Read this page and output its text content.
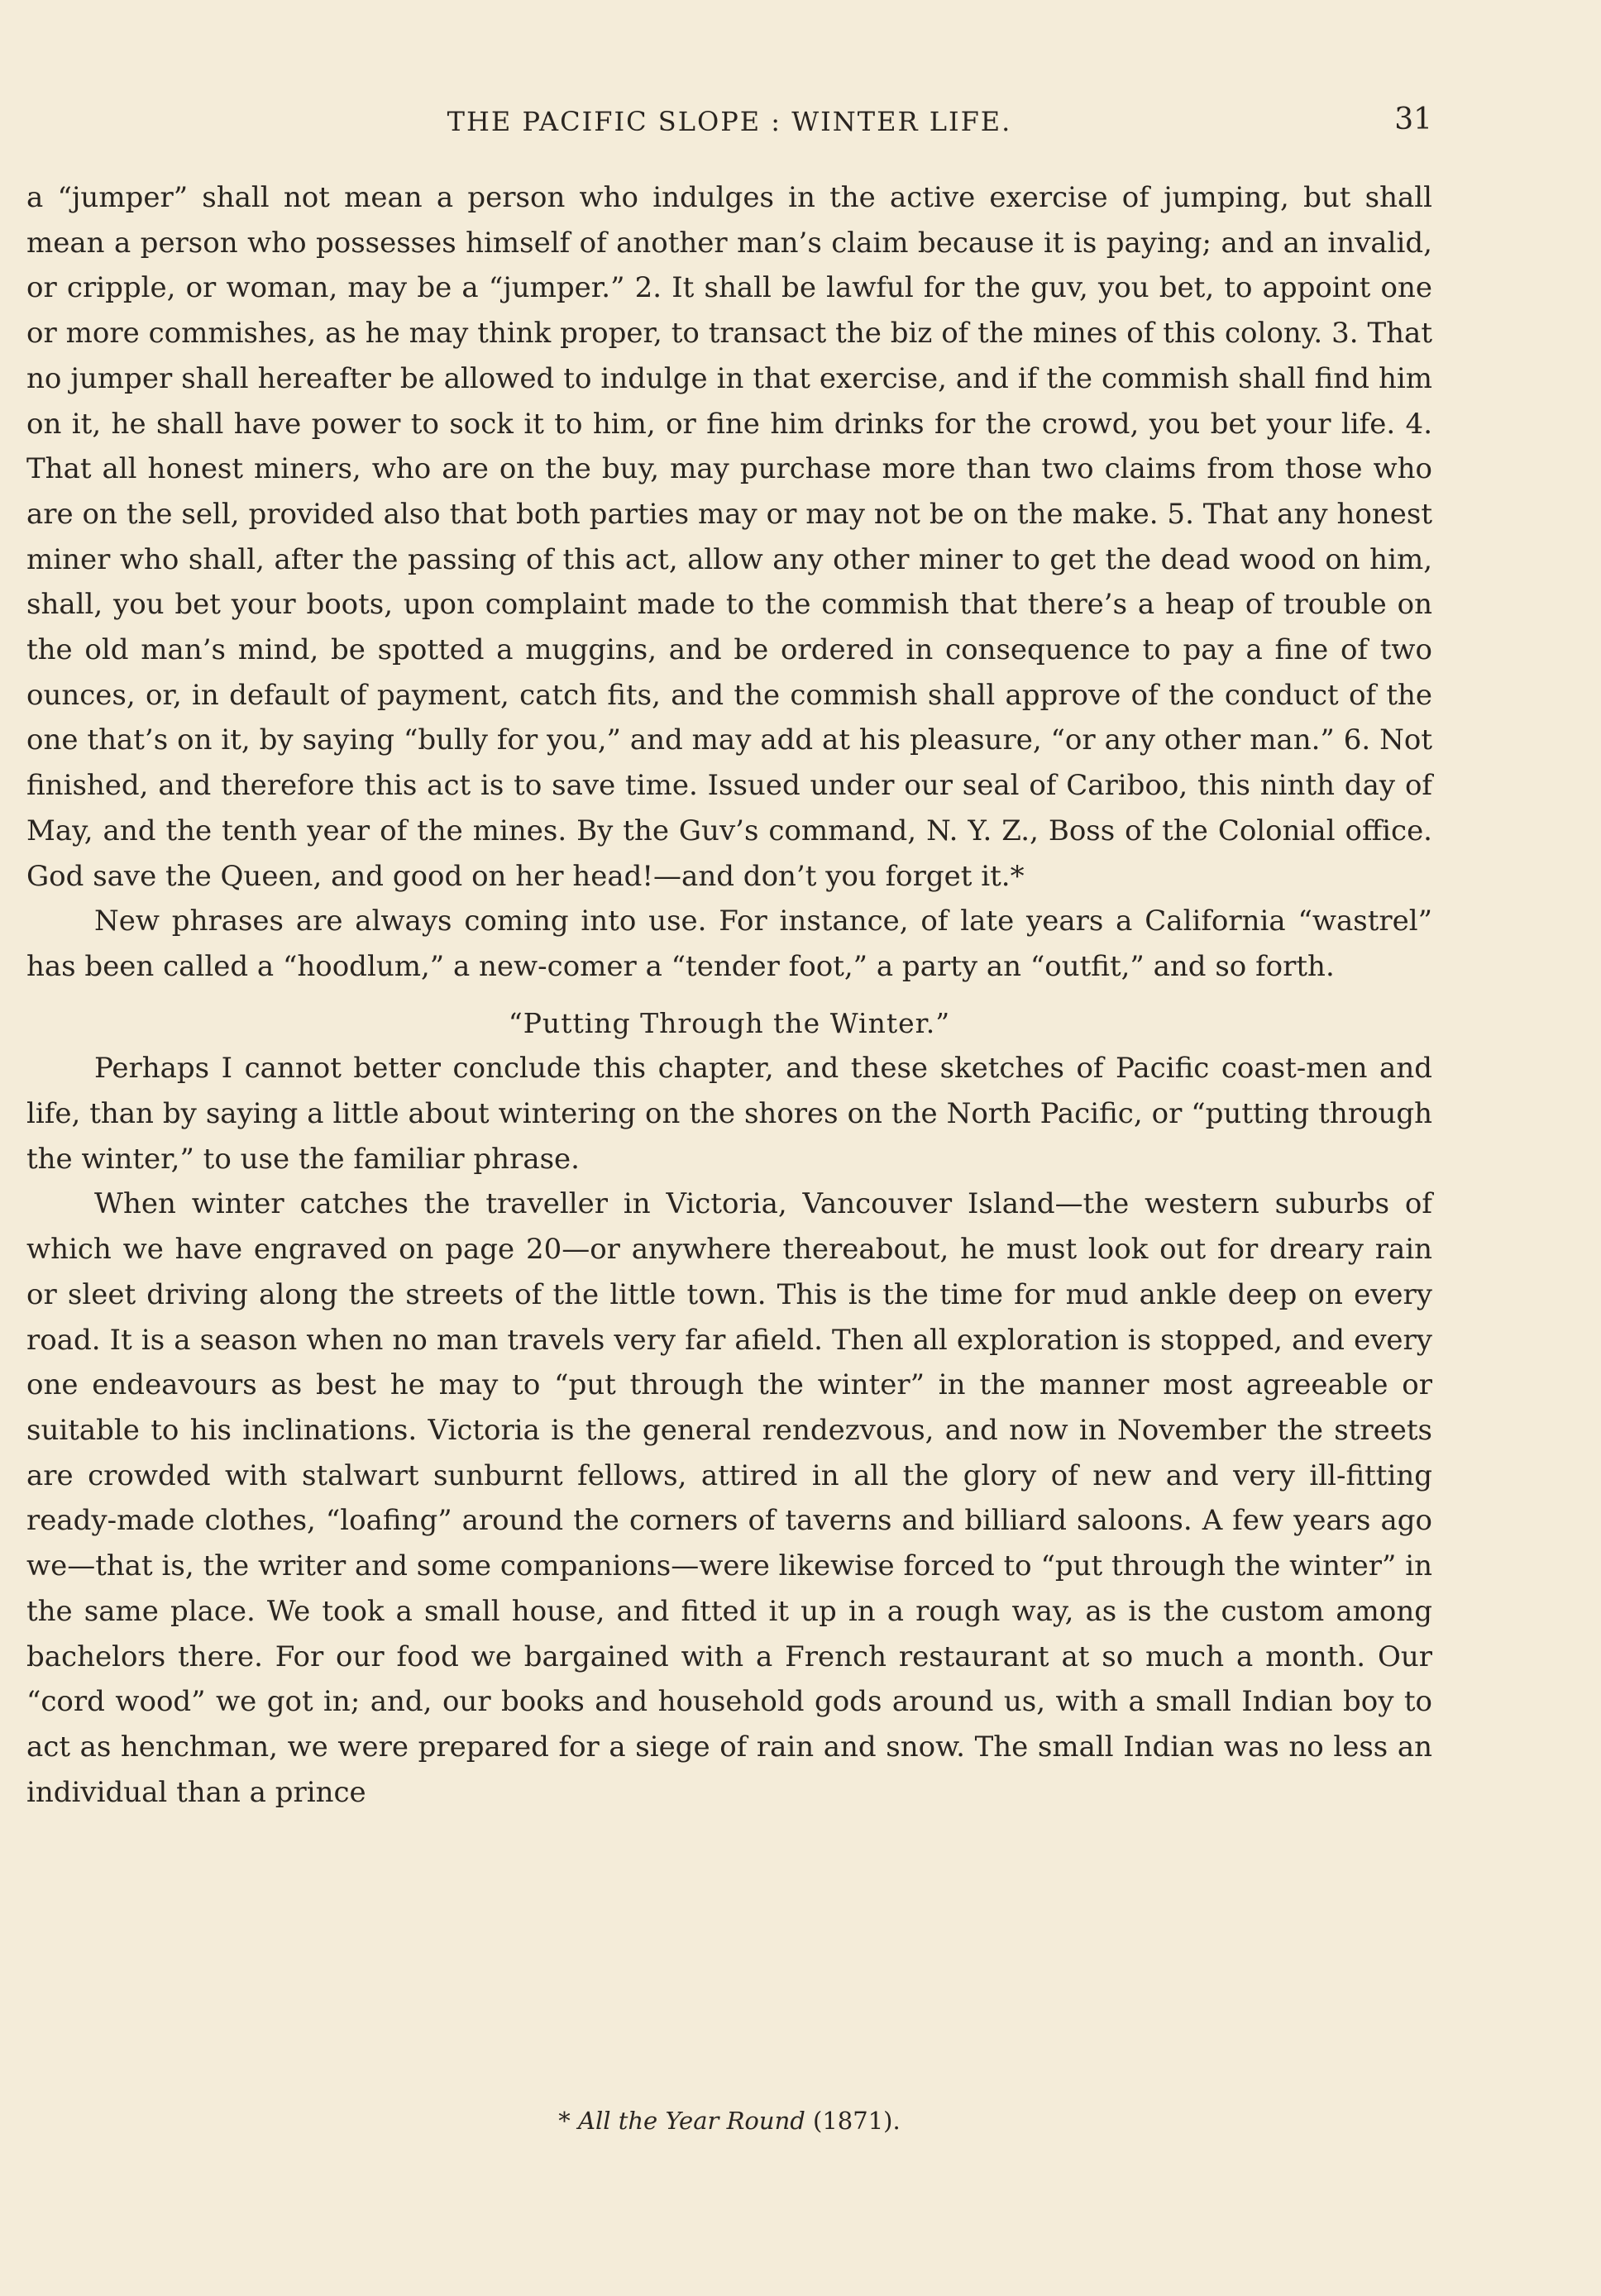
THE PACIFIC SLOPE : WINTER LIFE.	31

a “jumper” shall not mean a person who indulges in the active exercise of jumping, but shall mean a person who possesses himself of another man’s claim because it is paying; and an invalid, or cripple, or woman, may be a “jumper.” 2. It shall be lawful for the guv, you bet, to appoint one or more commishes, as he may think proper, to transact the biz of the mines of this colony. 3. That no jumper shall hereafter be allowed to indulge in that exercise, and if the commish shall find him on it, he shall have power to sock it to him, or fine him drinks for the crowd, you bet your life. 4. That all honest miners, who are on the buy, may purchase more than two claims from those who are on the sell, provided also that both parties may or may not be on the make. 5. That any honest miner who shall, after the passing of this act, allow any other miner to get the dead wood on him, shall, you bet your boots, upon complaint made to the commish that there’s a heap of trouble on the old man’s mind, be spotted a muggins, and be ordered in consequence to pay a fine of two ounces, or, in default of payment, catch fits, and the commish shall approve of the conduct of the one that’s on it, by saying “bully for you,” and may add at his pleasure, “or any other man.” 6. Not finished, and therefore this act is to save time. Issued under our seal of Cariboo, this ninth day of May, and the tenth year of the mines. By the Guv’s command, N. Y. Z., Boss of the Colonial office. God save the Queen, and good on her head!—and don’t you forget it.*

New phrases are always coming into use. For instance, of late years a California “wastrel” has been called a “hoodlum,” a new-comer a “tender foot,” a party an “outfit,” and so forth.

“Putting Through the Winter.”

Perhaps I cannot better conclude this chapter, and these sketches of Pacific coast-men and life, than by saying a little about wintering on the shores on the North Pacific, or “putting through the winter,” to use the familiar phrase.

When winter catches the traveller in Victoria, Vancouver Island—the western suburbs of which we have engraved on page 20—or anywhere thereabout, he must look out for dreary rain or sleet driving along the streets of the little town. This is the time for mud ankle deep on every road. It is a season when no man travels very far afield. Then all exploration is stopped, and every one endeavours as best he may to “put through the winter” in the manner most agreeable or suitable to his inclinations. Victoria is the general rendezvous, and now in November the streets are crowded with stalwart sunburnt fellows, attired in all the glory of new and very ill-fitting ready-made clothes, “loafing” around the corners of taverns and billiard saloons. A few years ago we—that is, the writer and some companions—were likewise forced to “put through the winter” in the same place. We took a small house, and fitted it up in a rough way, as is the custom among bachelors there. For our food we bargained with a French restaurant at so much a month. Our “cord wood” we got in; and, our books and household gods around us, with a small Indian boy to act as henchman, we were prepared for a siege of rain and snow. The small Indian was no less an individual than a prince

* All the Year Round (1871).
